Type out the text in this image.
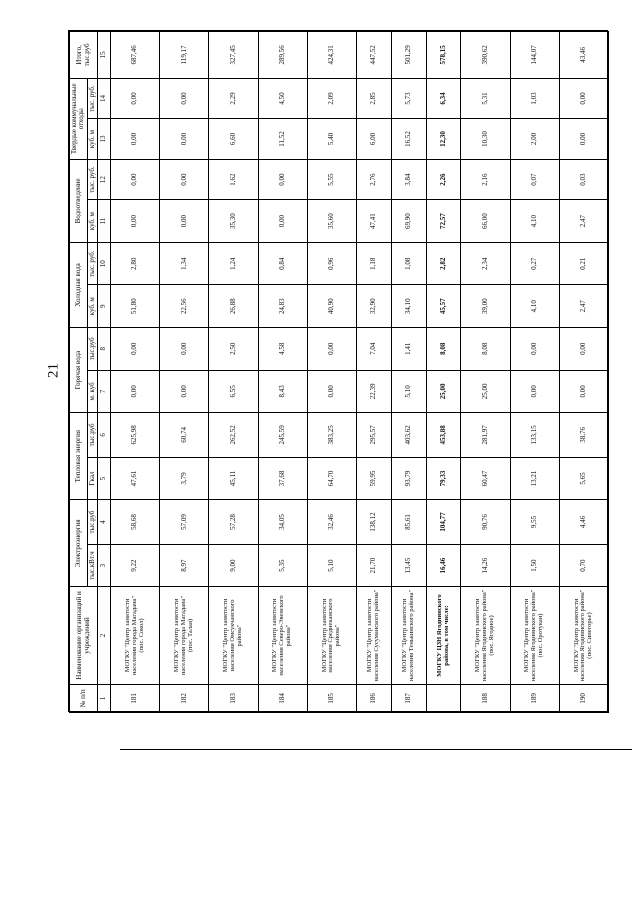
21
№ п/п	Наименование организаций и учреждений	Электроэнергия		Тепловая энергия		Горячая вода		Холодная вода		Водоотведение		Твердые коммунальные отходы		Итого, тыс.руб
		тыс.кВт.ч	тыс.руб	Гкал	тыс.руб	м. куб	тыс.руб	куб. м	тыс. руб.	куб. м	тыс. руб.	куб. м	тыс. руб.	
1	2	3	4	5	6	7	8	9	10	11	12	13	14	15
181	МОГКУ "Центр занятости населения города Магадана" (пос. Сокол)	9,22	58,68	47,61	625,98	0,00	0,00	51,80	2,80	0,00	0,00	0,00	0,00	687,46
182	МОГКУ "Центр занятости населения города Магадана" (пос. Талая)	8,97	57,09	3,79	60,74	0,00	0,00	22,56	1,34	0,00	0,00	0,00	0,00	119,17
183	МОГКУ "Центр занятости населения Омсукчанского района"	9,00	57,28	45,11	262,52	6,55	2,50	26,88	1,24	35,30	1,62	6,60	2,29	327,45
184	МОГКУ "Центр занятости населения Северо-Эвенского района"	5,35	34,05	37,68	245,59	8,43	4,58	24,83	0,84	0,00	0,00	11,52	4,50	289,56
185	МОГКУ "Центр занятости населения Среднеканского района"	5,10	32,46	64,70	383,25	0,00	0,00	40,90	0,96	35,60	5,55	5,40	2,09	424,31
186	МОГКУ "Центр занятости населения Сусуманского района"	21,70	138,12	59,95	295,57	22,39	7,04	32,90	1,18	47,41	2,76	6,00	2,85	447,52
187	МОГКУ "Центр занятости населения Тенькинского района"	13,45	85,61	93,79	403,62	5,10	1,41	34,10	1,08	69,90	3,84	16,52	5,73	501,29
	МОГКУ ЦЗН Ягоднинского района, в том числе:	16,46	104,77	79,33	453,88	25,00	8,08	45,57	2,82	72,57	2,26	12,30	6,34	578,15
188	МОГКУ "Центр занятости населения Ягоднинского района" (пос. Ягодное)	14,26	90,76	60,47	281,97	25,00	8,08	39,00	2,34	66,00	2,16	10,30	5,31	390,62
189	МОГКУ "Центр занятости населения Ягоднинского района" (пос. Оротукан)	1,50	9,55	13,21	133,15	0,00	0,00	4,10	0,27	4,10	0,07	2,00	1,03	144,07
190	МОГКУ "Центр занятости населения Ягоднинского района" (пос. Синегорье)	0,70	4,46	5,65	38,76	0,00	0,00	2,47	0,21	2,47	0,03	0,00	0,00	43,46
